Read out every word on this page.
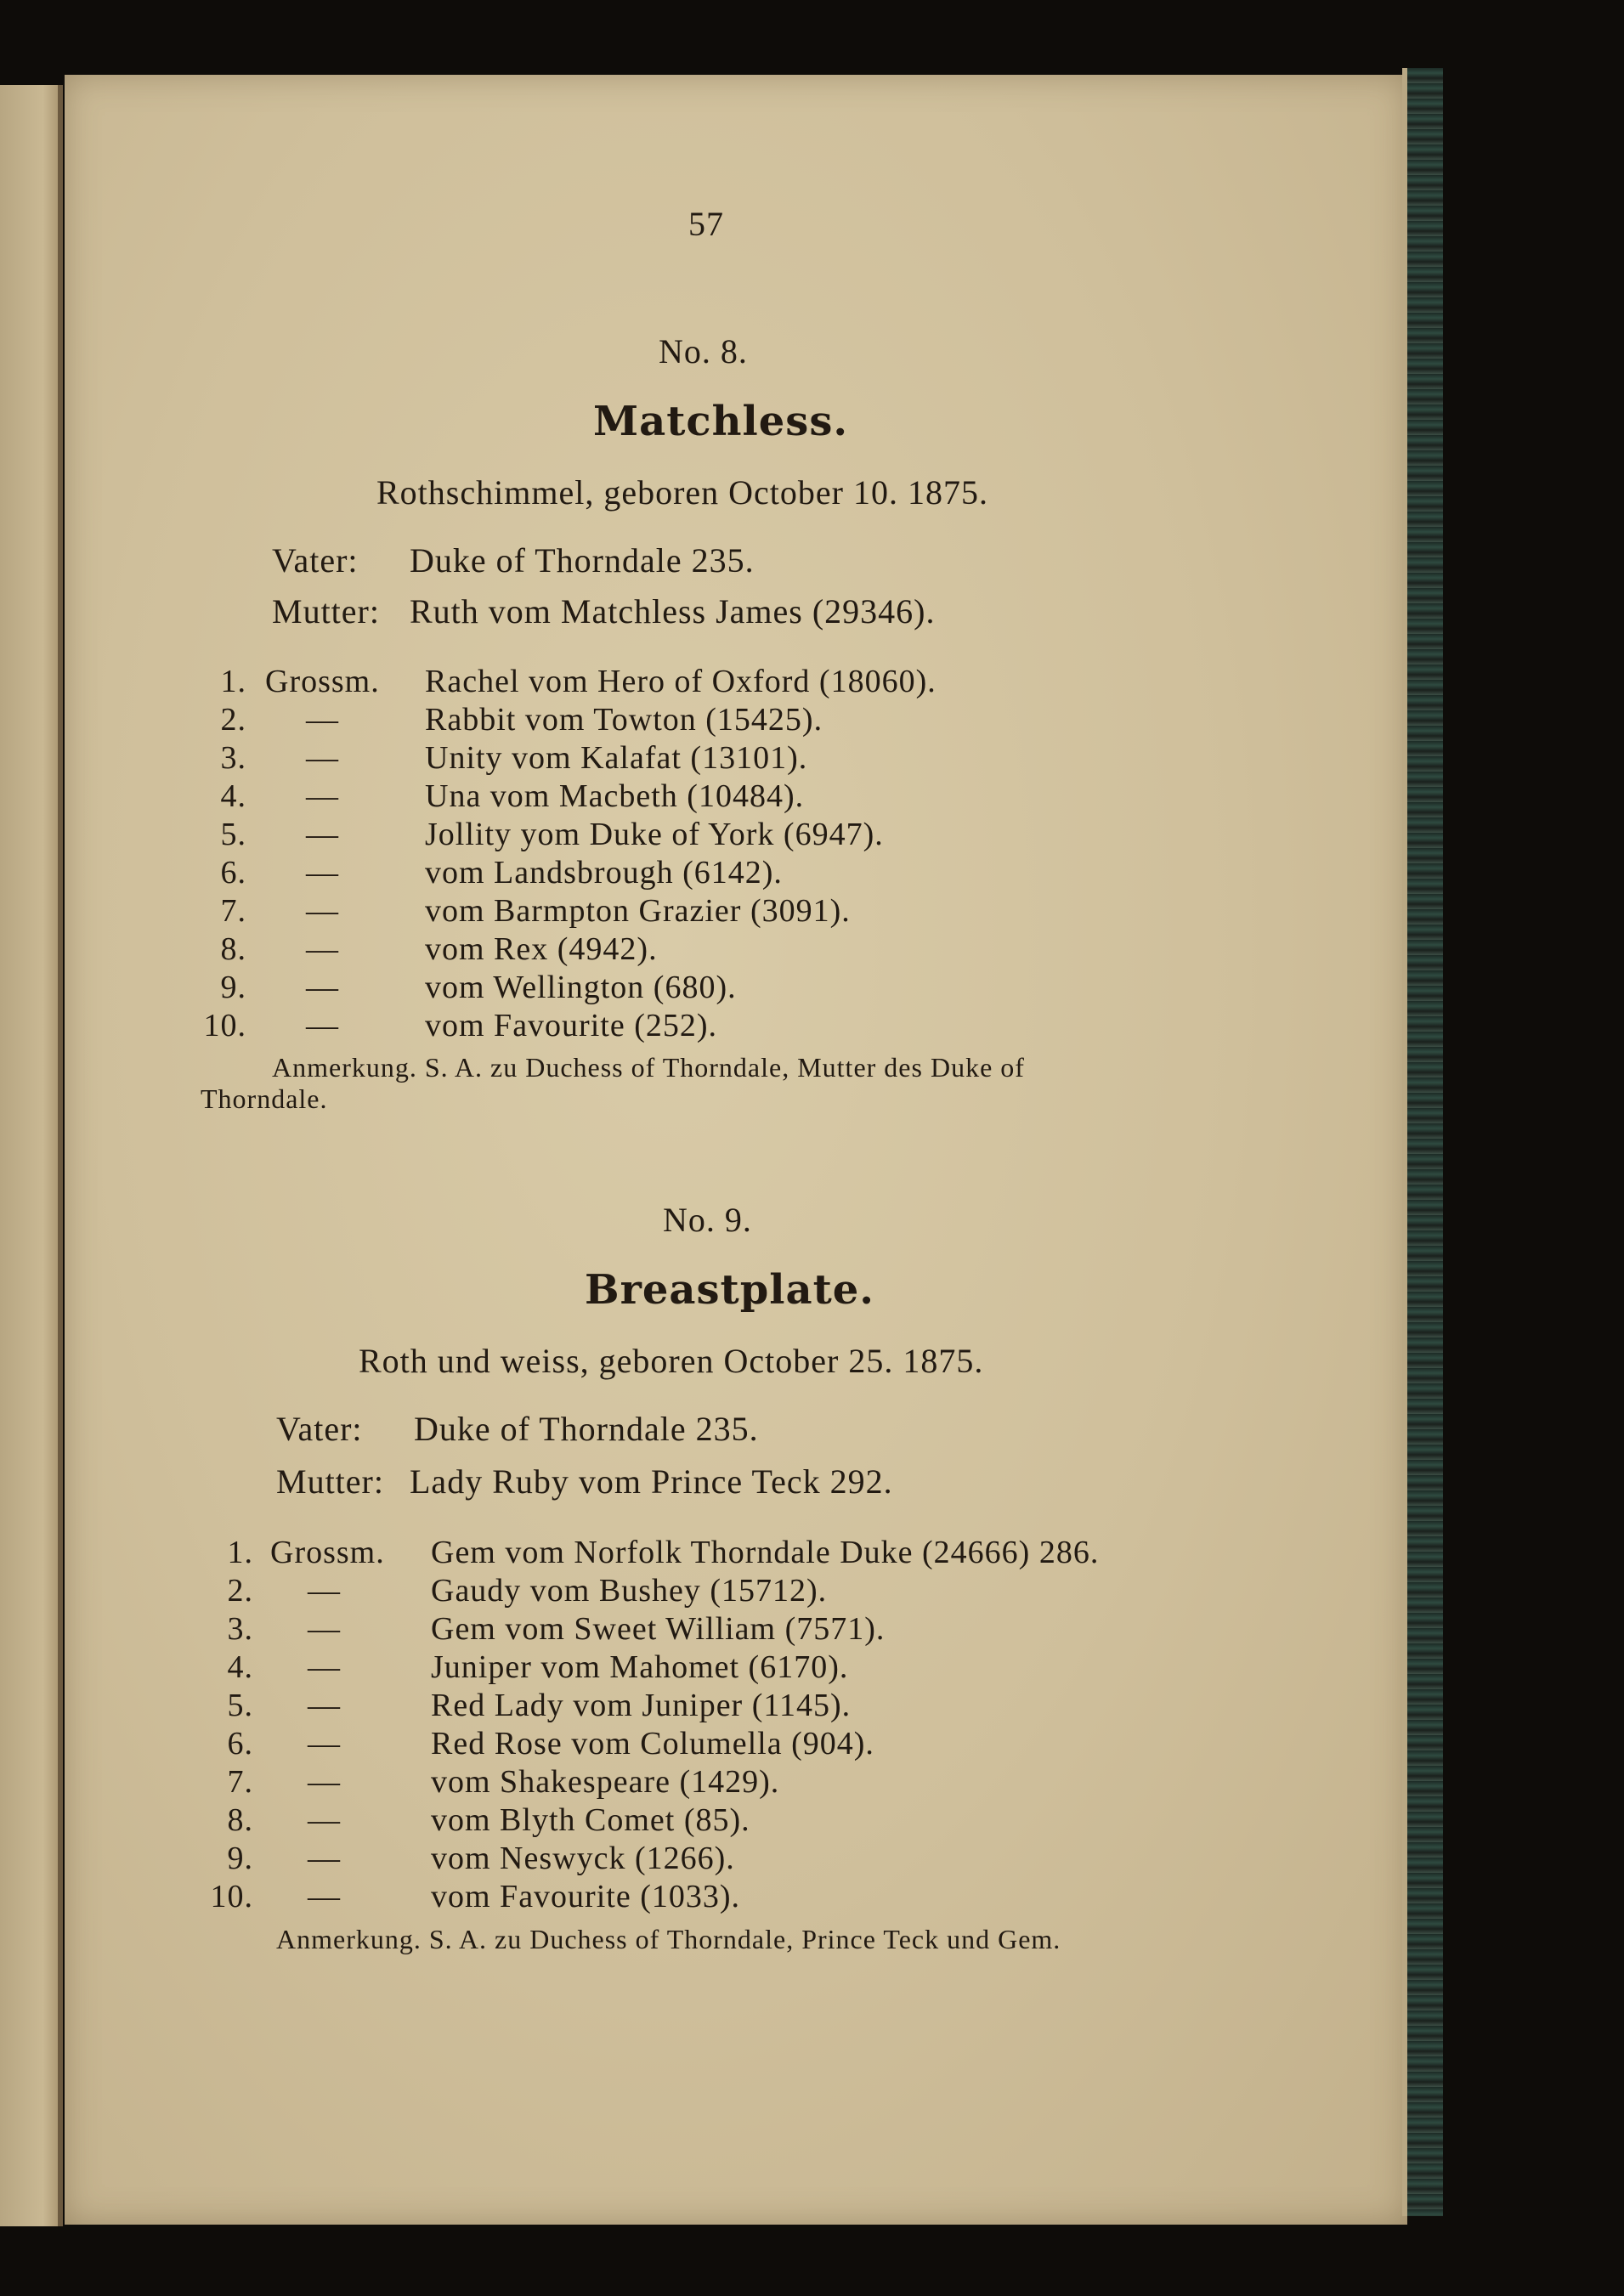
57
No. 8.
Matchless.
Rothschimmel, geboren October 10. 1875.
Vater: Duke of Thorndale 235.
Mutter: Ruth vom Matchless James (29346).
1. Grossm. Rachel vom Hero of Oxford (18060).
2. —	Rabbit vom Towton (15425).
3. —	Unity vom Kalafat (13101).
4. —	Una vom Macbeth (10484).
5. —	Jollity yom Duke of York (6947).
6. —	vom Landsbrough (6142).
7. —	vom Barmpton Grazier (3091).
8. —	vom Rex (4942).
9. —	vom Wellington (680).
10. —	vom Favourite (252).
Anmerkung. S. A. zu Duchess of Thorndale, Mutter des Duke of
Thorndale.
No. 9.
Breastplate.
Roth und weiss, geboren October 25. 1875.
Vater: Duke of Thorndale 235.
Mutter: Lady Ruby vom Prince Teck 292.
1. Grossm. Gem vom Norfolk Thorndale Duke (24666) 286.
2. —	Gaudy vom Bushey (15712).
3. —	Gem vom Sweet William (7571).
4. —	Juniper vom Mahomet (6170).
5. —	Red Lady vom Juniper (1145).
6. —	Red Rose vom Columella (904).
7. —	vom Shakespeare (1429).
8. —	vom Blyth Comet (85).
9. —	vom Neswyck (1266).
10. —	vom Favourite (1033).
Anmerkung. S. A. zu Duchess of Thorndale, Prince Teck und Gem.
